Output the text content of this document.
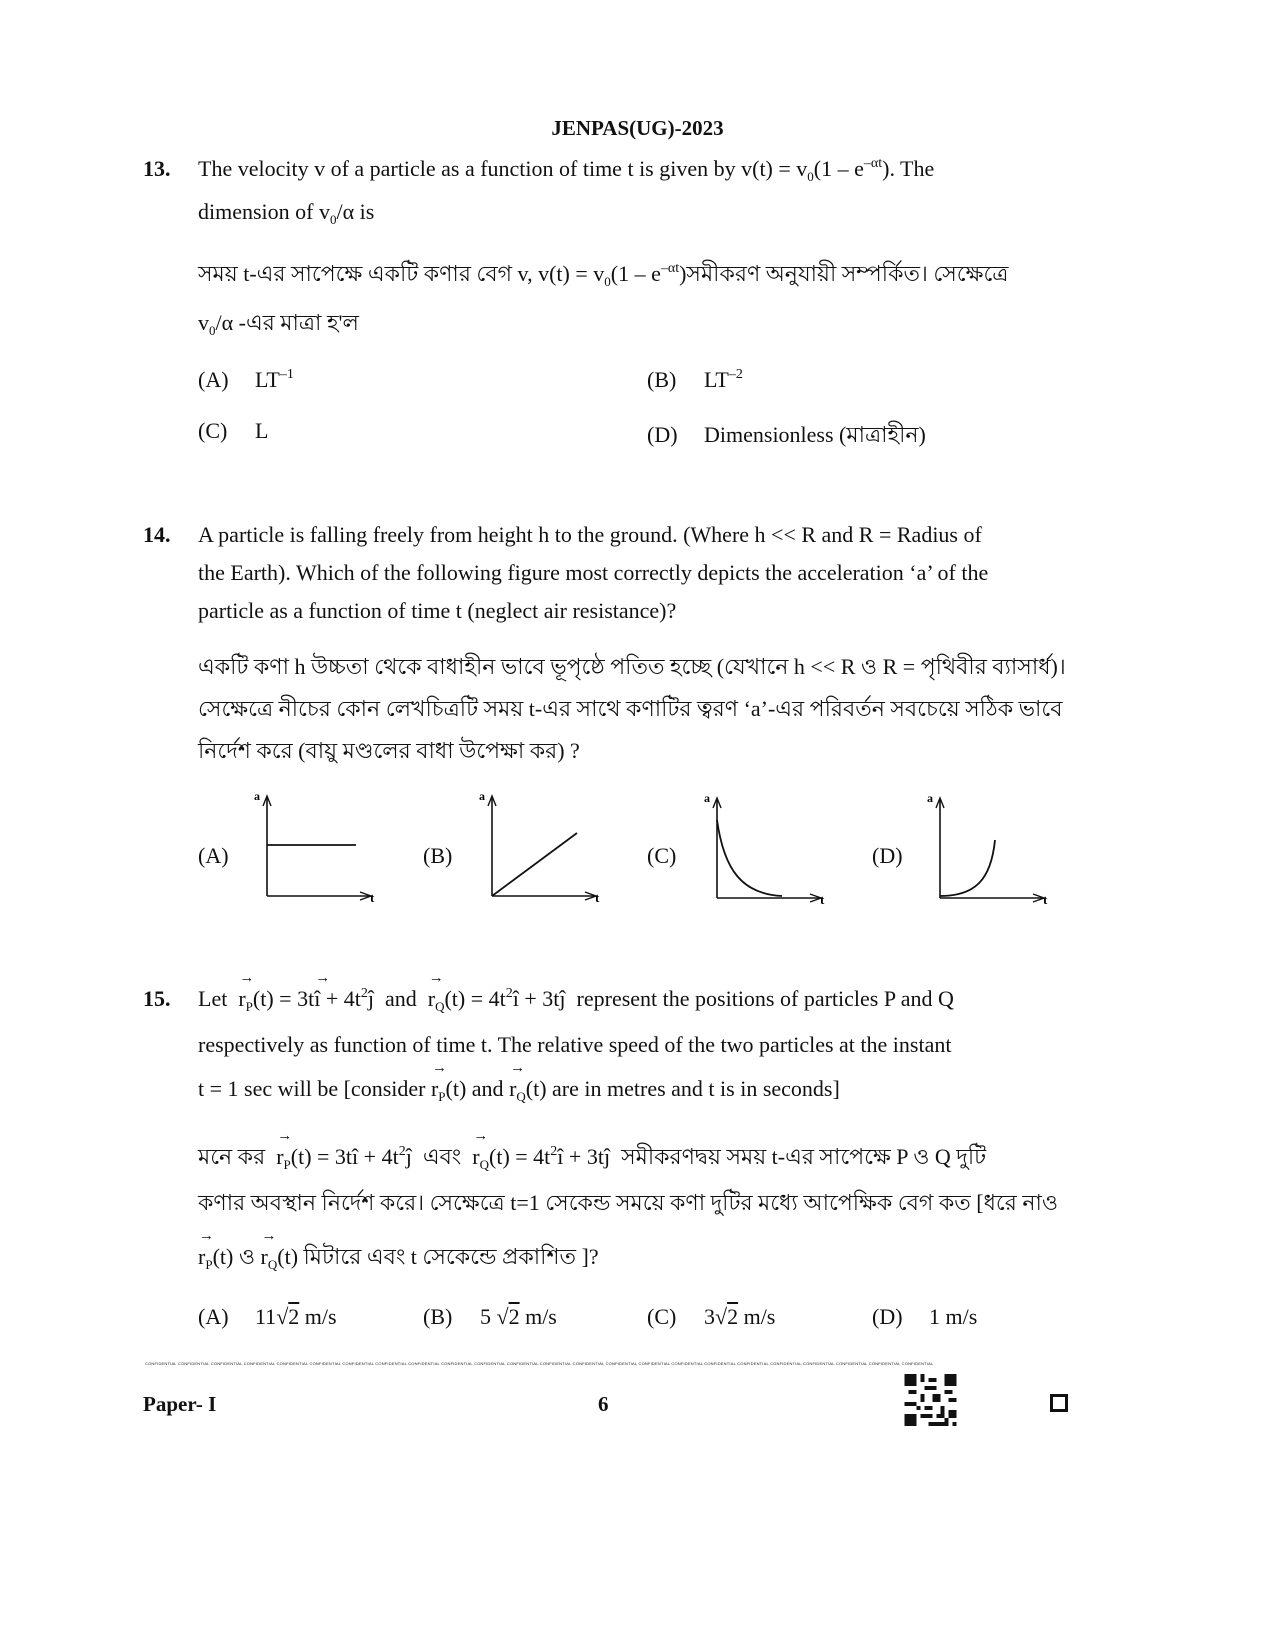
JENPAS(UG)-2023
13. The velocity v of a particle as a function of time t is given by $v(t) = v_0(1 - e^{-\alpha t})$. The
dimension of $v_0/\alpha$ is
সময় t-এর সাপেক্ষে একটি কণার বেগ v, $v(t) = v_0(1$ – $e^{-\alpha t})সমীকরণ$ অনুযায়ী সম্পর্কিত। সেক্ষেত্রে
$v_0/\alpha$ -এর মাত্রা হ'ল
(A) $LT^{-1}$	(B) $LT^{-2}$
(C) L	(D) Dimensionless (মাত্রাহীন)
14. A particle is falling freely from height h to the ground. (Where h << R and R = Radius of
the Earth). Which of the following figure most correctly depicts the acceleration ‘a’ of the
particle as a function of time t (neglect air resistance)?
একটি কণা h উচ্চতা থেকে বাধাহীন ভাবে ভূপৃষ্ঠে পতিত হচ্ছে (যেখানে h << R ও R = পৃথিবীর ব্যাসার্ধ)।
সেক্ষেত্রে নীচের কোন লেখচিত্রটি সময় t-এর সাথে কণাটির ত্বরণ ‘a’-এর পরিবর্তন সবচেয়ে সঠিক ভাবে
নির্দেশ করে (বায়ু মণ্ডলের বাধা উপেক্ষা কর) ?
(A)
a
t
(B)
a
t
(C)
a
t
(D)
a
t
15. Let → $r_P(t) = 3t\to$ î + $4t^2ĵ$ and → $r_Q(t)$ = $4t^2î$ + 3tĵ represent the positions of particles P and Q
respectively as function of time t. The relative speed of the two particles at the instant
t = 1 sec will be [consider → $r_P(t)$ and → $r_Q(t)$ are in metres and t is in seconds]
মনে কর → $r_P(t)$ = 3tî + $4t^2ĵ$ এবং → $r_Q(t)$ = $4t^2î$ + 3tĵ সমীকরণদ্বয় সময় t-এর সাপেক্ষে P ও Q দুটি
কণার অবস্থান নির্দেশ করে। সেক্ষেত্রে t=1 সেকেন্ড সময়ে কণা দুটির মধ্যে আপেক্ষিক বেগ কত [ধরে নাও
→ $r_P(t)$ ও → $r_Q(t)$ মিটারে এবং t সেকেন্ডে প্রকাশিত ]?
(A) 11√2 m/s	(B) 5 √2 m/s	(C) 3√2 m/s	(D) 1 m/s
CONFIDENTIAL CONFIDENTIAL CONFIDENTIAL CONFIDENTIAL CONFIDENTIAL CONFIDENTIAL CONFIDENTIAL CONFIDENTIAL CONFIDENTIAL CONFIDENTIAL CONFIDENTIAL CONFIDENTIAL CONFIDENTIAL CONFIDENTIAL CONFIDENTIAL CONFIDENTIAL CONFIDENTIAL CONFIDENTIAL CONFIDENTIAL CONFIDENTIAL CONFIDENTIAL CONFIDENTIAL CONFIDENTIAL CONFIDENTIAL
Paper- I	6
